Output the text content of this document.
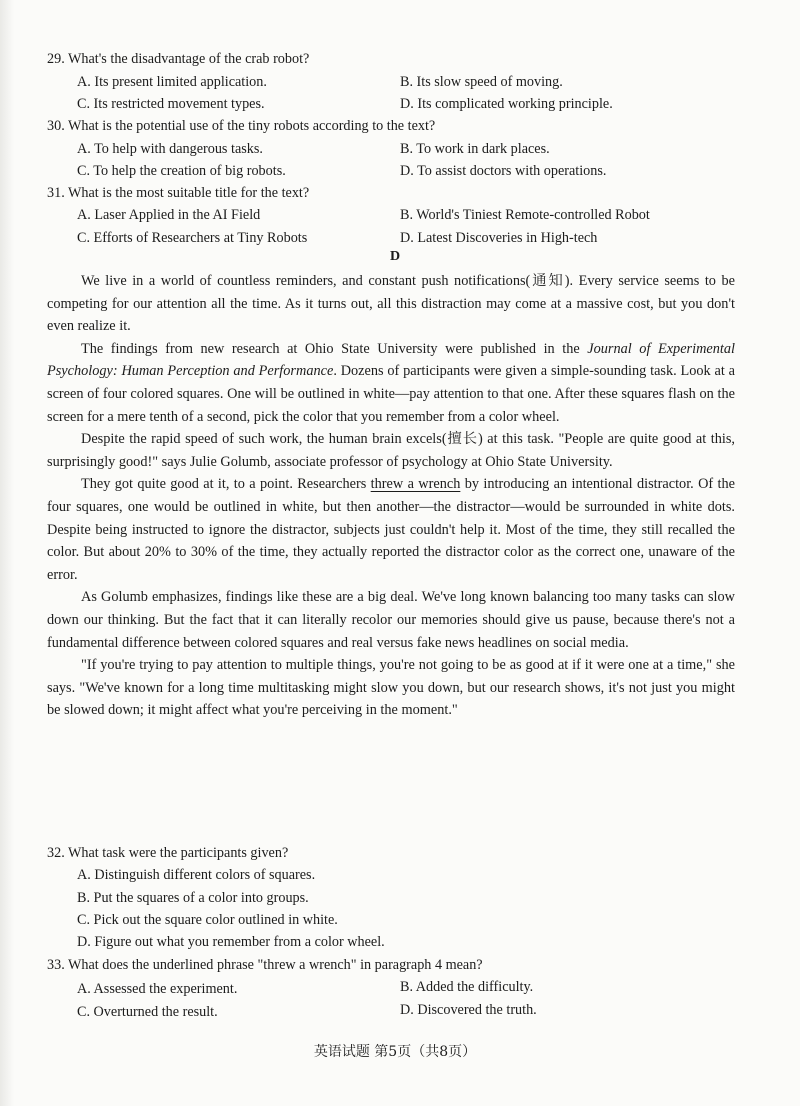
29. What's the disadvantage of the crab robot?
A. Its present limited application.	B. Its slow speed of moving.
C. Its restricted movement types.	D. Its complicated working principle.
30. What is the potential use of the tiny robots according to the text?
A. To help with dangerous tasks.	B. To work in dark places.
C. To help the creation of big robots.	D. To assist doctors with operations.
31. What is the most suitable title for the text?
A. Laser Applied in the AI Field	B. World's Tiniest Remote-controlled Robot
C. Efforts of Researchers at Tiny Robots	D. Latest Discoveries in High-tech
D

We live in a world of countless reminders, and constant push notifications(通知). Every service seems to be competing for our attention all the time. As it turns out, all this distraction may come at a massive cost, but you don't even realize it.

The findings from new research at Ohio State University were published in the Journal of Experimental Psychology: Human Perception and Performance. Dozens of participants were given a simple-sounding task. Look at a screen of four colored squares. One will be outlined in white—pay attention to that one. After these squares flash on the screen for a mere tenth of a second, pick the color that you remember from a color wheel.

Despite the rapid speed of such work, the human brain excels(擅长) at this task. "People are quite good at this, surprisingly good!" says Julie Golumb, associate professor of psychology at Ohio State University.

They got quite good at it, to a point. Researchers threw a wrench by introducing an intentional distractor. Of the four squares, one would be outlined in white, but then another—the distractor—would be surrounded in white dots. Despite being instructed to ignore the distractor, subjects just couldn't help it. Most of the time, they still recalled the color. But about 20% to 30% of the time, they actually reported the distractor color as the correct one, unaware of the error.

As Golumb emphasizes, findings like these are a big deal. We've long known balancing too many tasks can slow down our thinking. But the fact that it can literally recolor our memories should give us pause, because there's not a fundamental difference between colored squares and real versus fake news headlines on social media.

"If you're trying to pay attention to multiple things, you're not going to be as good at if it were one at a time," she says. "We've known for a long time multitasking might slow you down, but our research shows, it's not just you might be slowed down; it might affect what you're perceiving in the moment."

32. What task were the participants given?
A. Distinguish different colors of squares.
B. Put the squares of a color into groups.
C. Pick out the square color outlined in white.
D. Figure out what you remember from a color wheel.
33. What does the underlined phrase "threw a wrench" in paragraph 4 mean?
A. Assessed the experiment.	B. Added the difficulty.
C. Overturned the result.	D. Discovered the truth.
英语试题 第5页（共8页）
